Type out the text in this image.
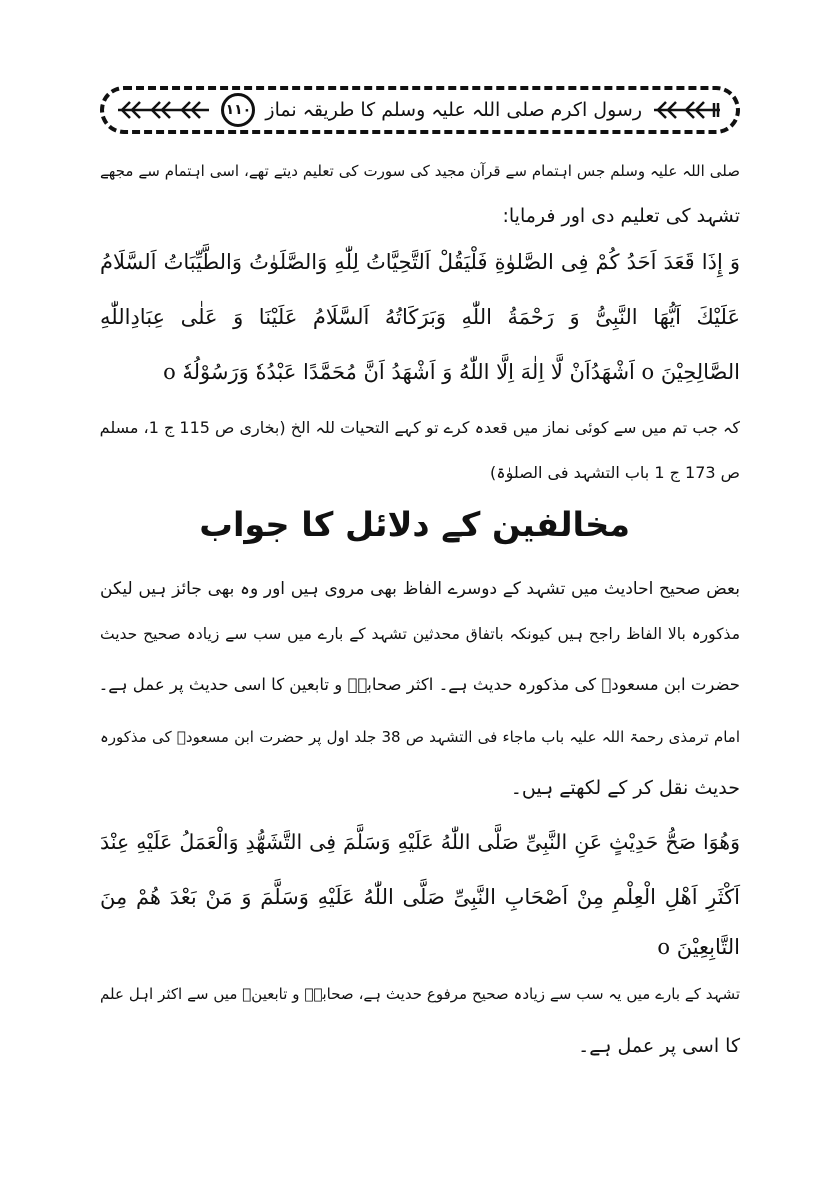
رسول اکرم صلی اللہ علیہ وسلم کا طریقہ نماز
۱۱۰
صلی اللہ علیہ وسلم جس اہتمام سے قرآن مجید کی سورت کی تعلیم دیتے تھے، اسی اہتمام سے مجھے
تشہد کی تعلیم دی اور فرمایا:
وَ إِذَا قَعَدَ اَحَدُ كُمْ فِى الصَّلوٰةِ فَلْيَقُلْ اَلتَّحِيَّاتُ لِلّٰهِ وَالصَّلَوٰتُ وَالطَّيِّبَاتُ اَلسَّلَامُ
عَلَيْكَ اَيُّهَا النَّبِىُّ وَ رَحْمَةُ اللّٰهِ وَبَرَكَاتُهُ اَلسَّلَامُ عَلَيْنَا وَ عَلٰى عِبَادِاللّٰهِ
الصَّالِحِيْنَ o اَشْهَدُاَنْ لَّا اِلٰهَ اِلَّا اللّٰهُ وَ اَشْهَدُ اَنَّ مُحَمَّدًا عَبْدُهٗ وَرَسُوْلُهٗ o
کہ جب تم میں سے کوئی نماز میں قعدہ کرے تو کہے التحیات للہ الخ (بخاری ص 115 ج 1، مسلم
ص 173 ج 1 باب التشہد فی الصلوٰۃ)
مخالفین کے دلائل کا جواب
بعض صحیح احادیث میں تشہد کے دوسرے الفاظ بھی مروی ہیں اور وہ بھی جائز ہیں لیکن
مذکورہ بالا الفاظ راجح ہیں کیونکہ باتفاق محدثین تشہد کے بارے میں سب سے زیادہ صحیح حدیث
حضرت ابن مسعودؓ کی مذکورہ حدیث ہے۔ اکثر صحابہؓ و تابعین کا اسی حدیث پر عمل ہے۔
امام ترمذی رحمۃ اللہ علیہ باب ماجاء فی التشہد ص 38 جلد اول پر حضرت ابن مسعودؓ کی مذکورہ
حدیث نقل کر کے لکھتے ہیں۔
وَهُوَا صَحُّ حَدِيْثٍ عَنِ النَّبِىِّ صَلَّى اللّٰهُ عَلَيْهِ وَسَلَّمَ فِى التَّشَهُّدِ وَالْعَمَلُ عَلَيْهِ عِنْدَ
اَكْثَرِ اَهْلِ الْعِلْمِ مِنْ اَصْحَابِ النَّبِىِّ صَلَّى اللّٰهُ عَلَيْهِ وَسَلَّمَ وَ مَنْ بَعْدَ هُمْ مِنَ
التَّابِعِيْنَ o
تشہد کے بارے میں یہ سب سے زیادہ صحیح مرفوع حدیث ہے، صحابہؓ و تابعینؒ میں سے اکثر اہل علم
کا اسی پر عمل ہے۔
